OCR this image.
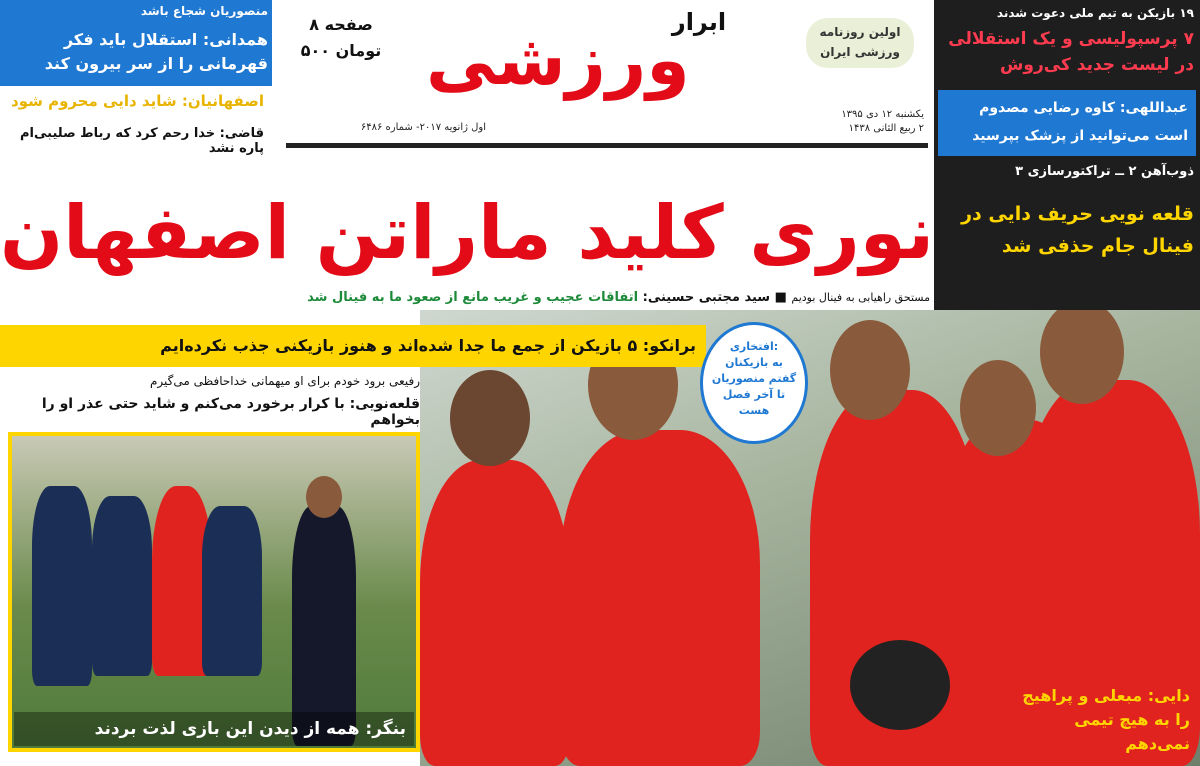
منصوریان شجاع باشد
همدانی: استقلال باید فکر قهرمانی را از سر بیرون کند
اصفهانیان: شاید دایی محروم شود
قاضی: خدا رحم کرد که رباط صلیبی‌ام پاره نشد
۸ صفحه
۵۰۰ تومان ورزشی
ابرار	اولین روزنامه
ورزشی ایران
یکشنبه ۱۲ دی ۱۳۹۵
۲ ربیع الثانی ۱۴۳۸
اول ژانویه ۲۰۱۷- شماره ۶۴۸۶
۱۹ بازیکن به تیم ملی دعوت شدند
۷ پرسپولیسی و یک استقلالی در لیست جدید کی‌روش
عبداللهی: کاوه رضایی مصدوم است می‌توانید از پزشک بپرسید
ذوب‌آهن ۲ ــ تراکتورسازی ۳
قلعه نویی حریف دایی در فینال جام حذفی شد
نوری کلید ماراتن اصفهان
مستحق راهیابی به فینال بودیم ■ سید مجتبی حسینی: اتفاقات عجیب و غریب مانع از صعود ما به فینال شد
برانکو: ۵ بازیکن از جمع ما جدا شده‌اند و هنوز بازیکنی جذب نکرده‌ایم
رفیعی برود خودم برای او میهمانی خداحافظی می‌گیرم
قلعه‌نویی: با کرار برخورد می‌کنم و شاید حتی عذر او را بخواهم
افتخاری:
به بازیکنان
گفتم منصوریان
تا آخر فصل
هست
بنگر: همه از دیدن این بازی لذت بردند
دایی: مبعلی و پراهیج را به هیچ تیمی نمی‌دهم
